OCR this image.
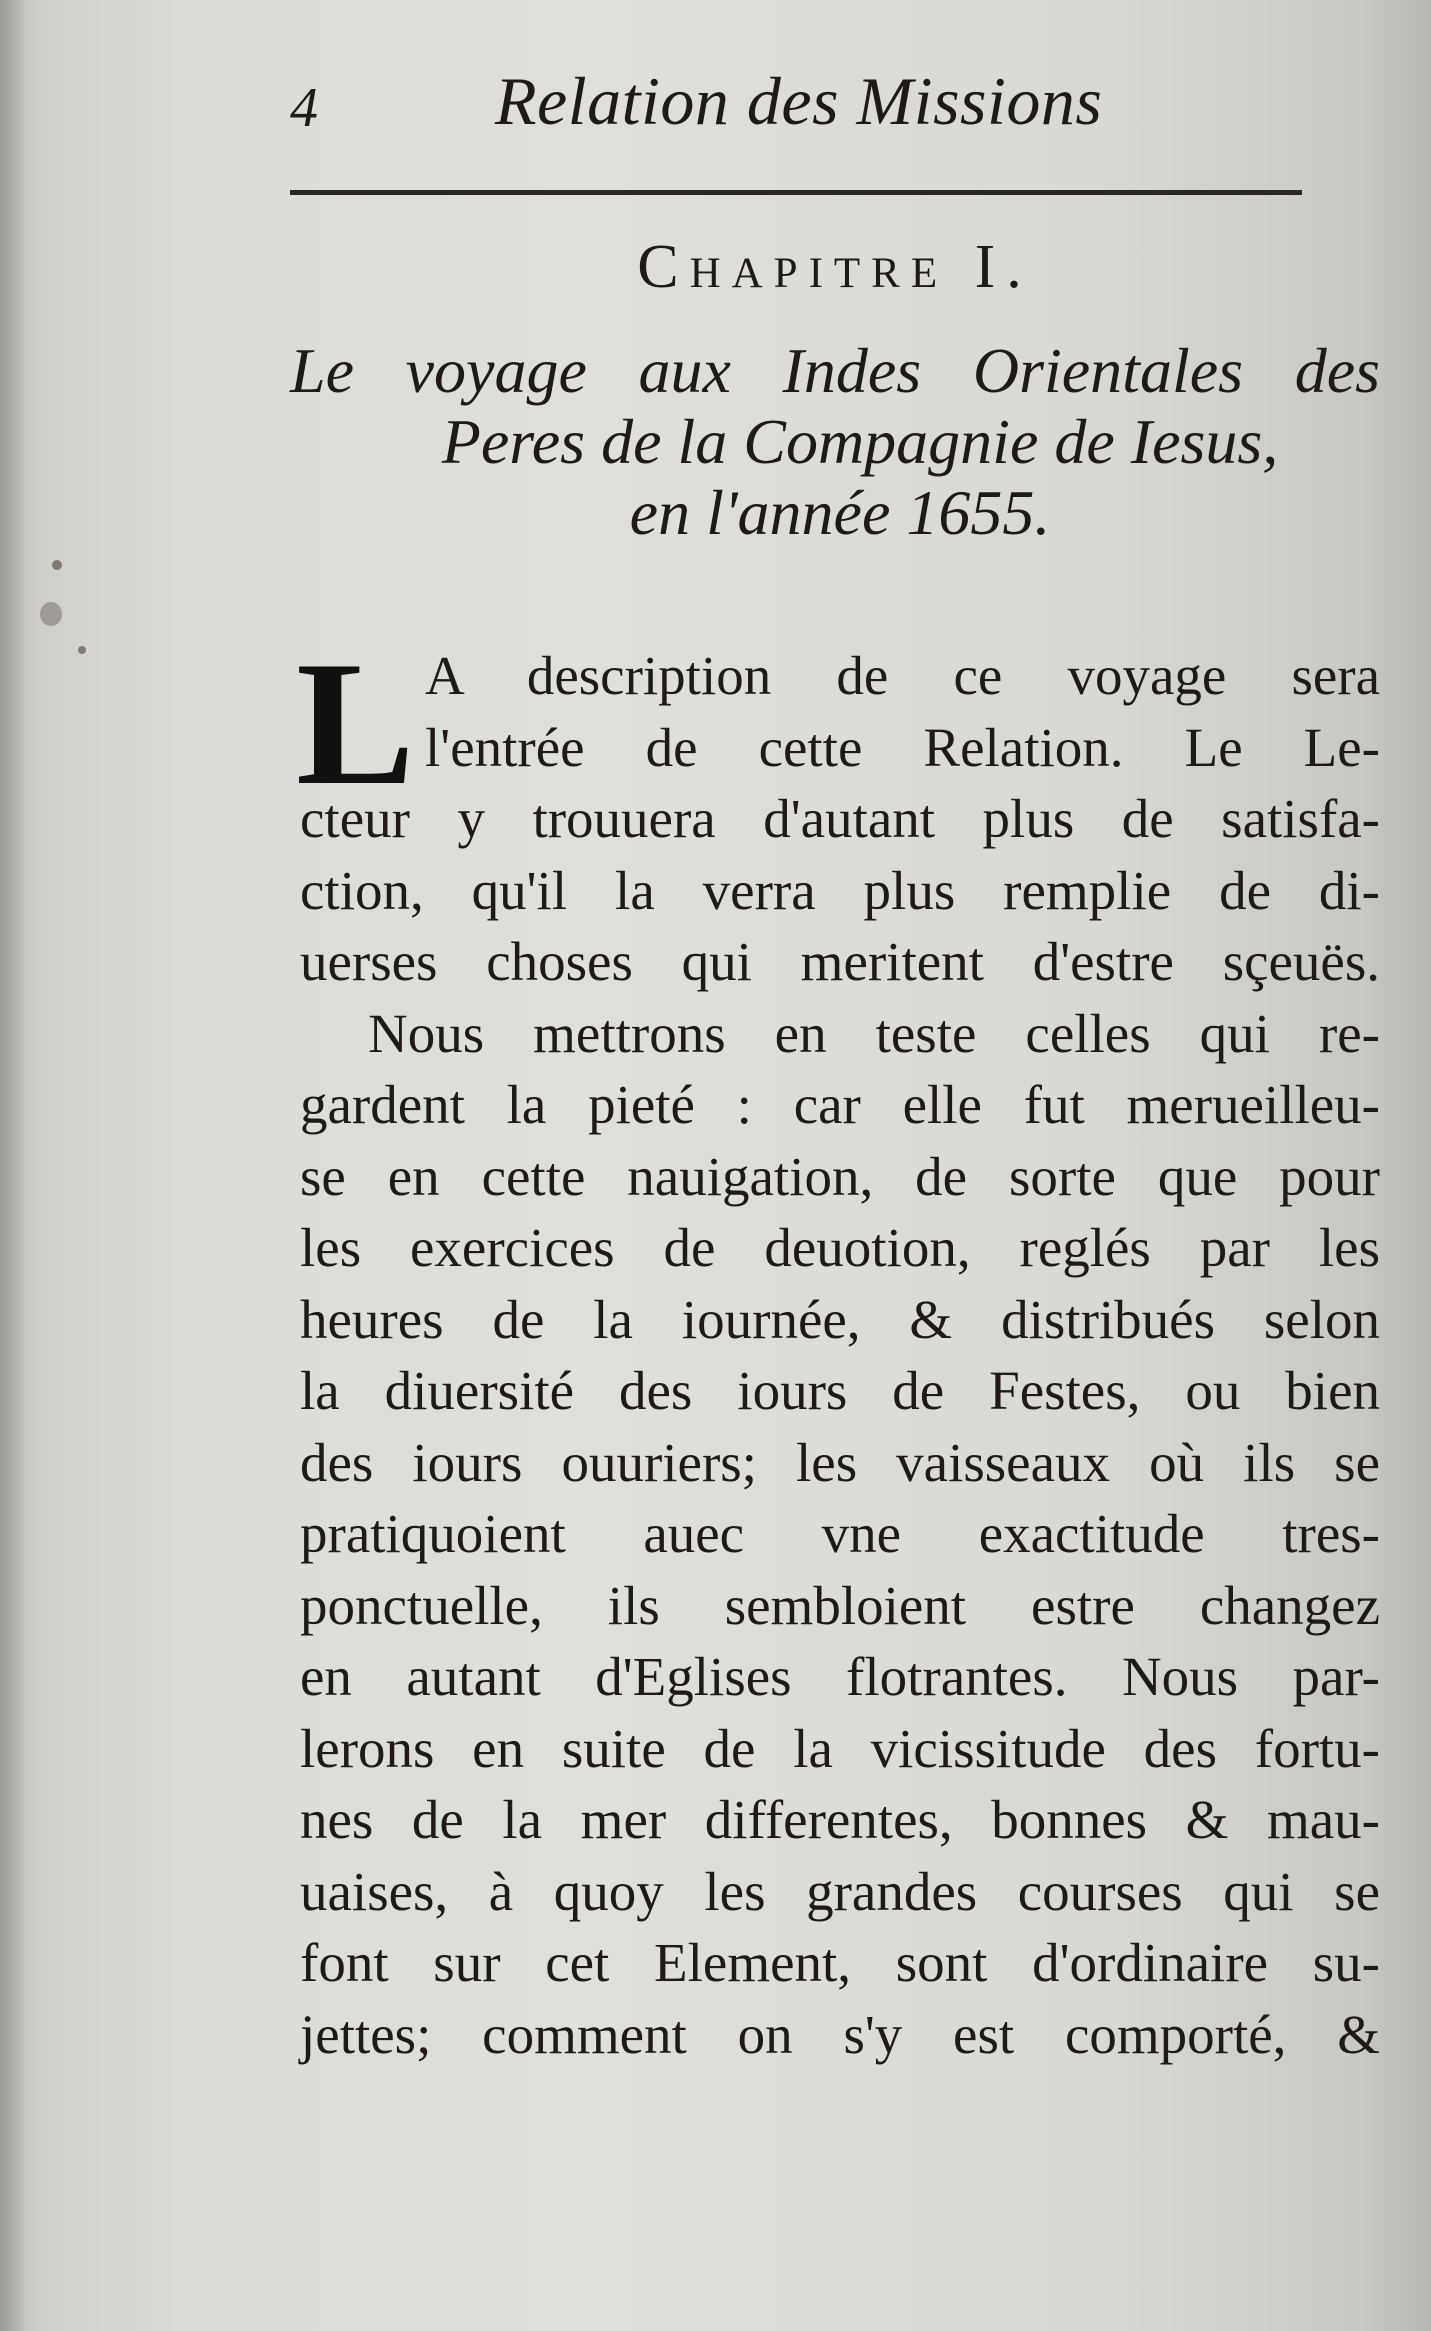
4	Relation des Missions
Chapitre I.
Le voyage aux Indes Orientales des
Peres de la Compagnie de Iesus,
en l'année 1655.
L A description de ce voyage sera
l'entrée de cette Relation. Le Le-
ctеur y trouuera d'autant plus de satisfa-
ction, qu'il la verra plus remplie de di-
uerses choses qui meritent d'estre sçeuës.
Nous mettrons en teste celles qui re-
gardent la pieté : car elle fut merueilleu-
se en cette nauigation, de sorte que pour
les exercices de deuotion, reglés par les
heures de la iournée, & distribués selon
la diuersité des iours de Festes, ou bien
des iours ouuriers; les vaisseaux où ils se
pratiquoient auec vne exactitude tres-
ponctuelle, ils sembloient estre changez
en autant d'Eglises flotrantes. Nous par-
lerons en suite de la vicissitude des fortu-
nes de la mer differentes, bonnes & mau-
uaises, à quoy les grandes courses qui se
font sur cet Element, sont d'ordinaire su-
jettes; comment on s'y est comporté, &
